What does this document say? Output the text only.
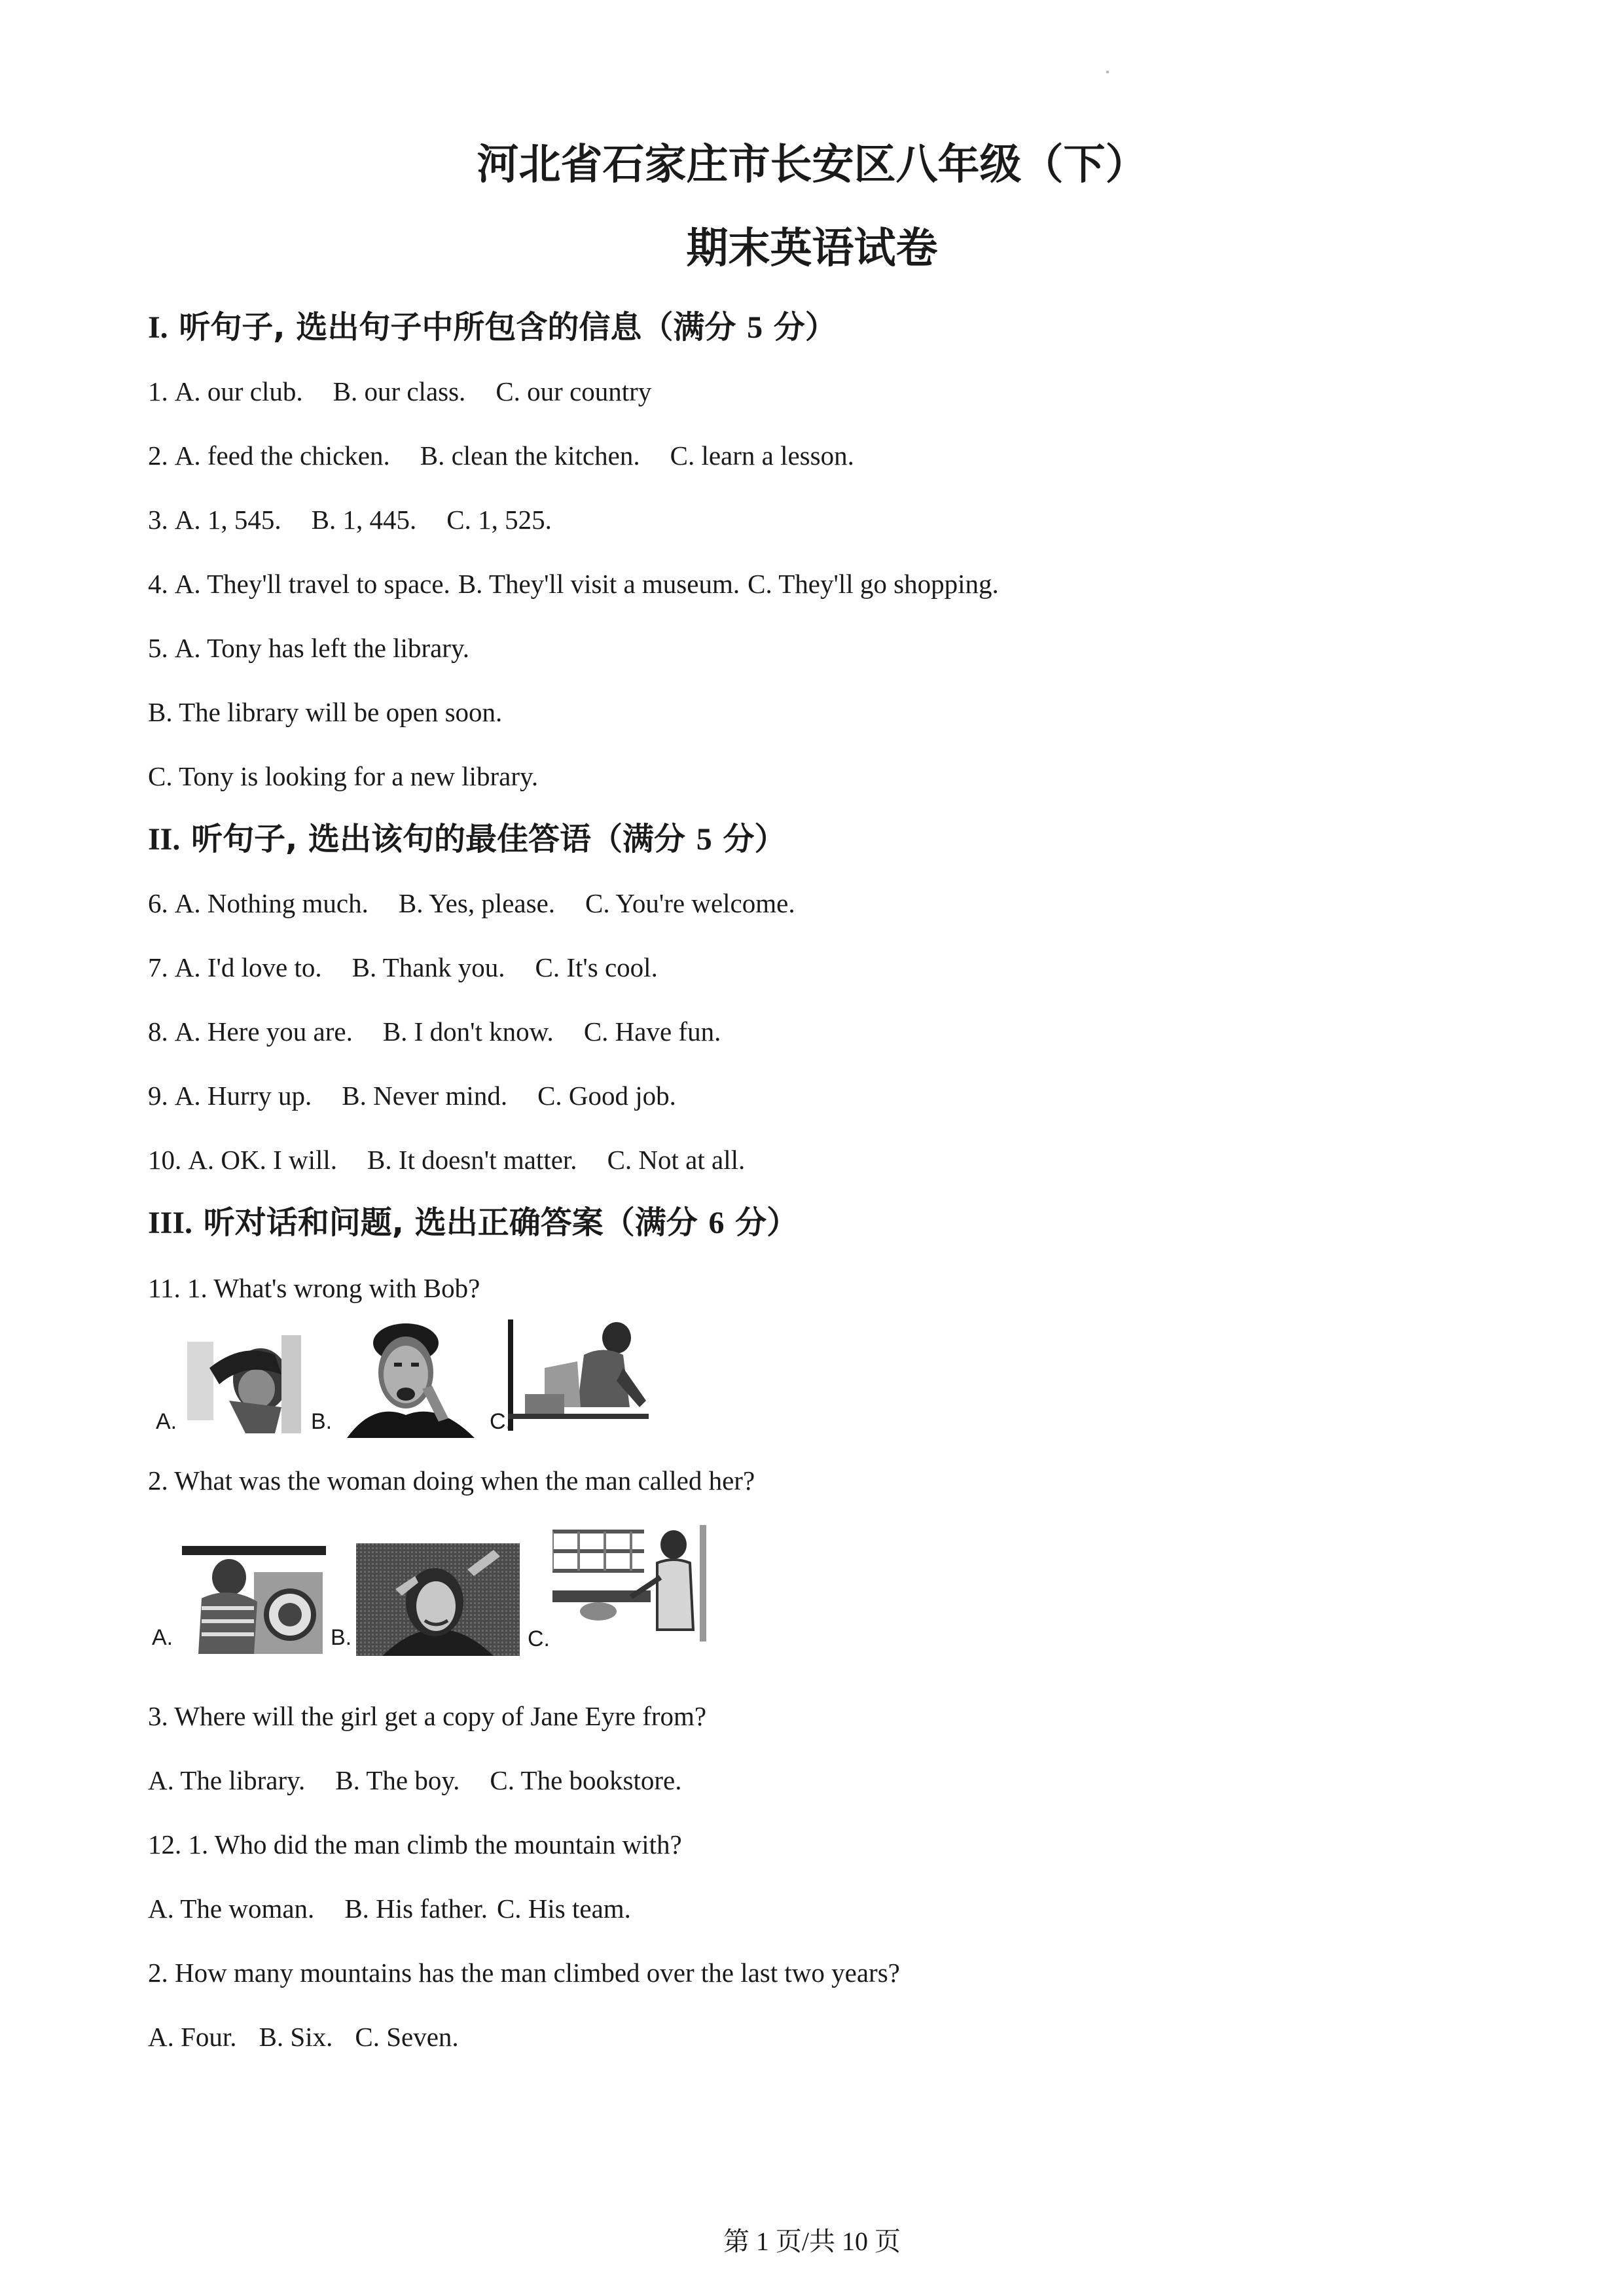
河北省石家庄市长安区八年级（下）
期末英语试卷
I. 听句子, 选出句子中所包含的信息（满分 5 分）
1. A. our club. B. our class. C. our country
2. A. feed the chicken. B. clean the kitchen. C. learn a lesson.
3. A. 1, 545. B. 1, 445. C. 1, 525.
4. A. They'll travel to space. B. They'll visit a museum. C. They'll go shopping.
5. A. Tony has left the library.
B. The library will be open soon.
C. Tony is looking for a new library.
II. 听句子, 选出该句的最佳答语（满分 5 分）
6. A. Nothing much. B. Yes, please. C. You're welcome.
7. A. I'd love to. B. Thank you. C. It's cool.
8. A. Here you are. B. I don't know. C. Have fun.
9. A. Hurry up. B. Never mind. C. Good job.
10. A. OK. I will. B. It doesn't matter. C. Not at all.
III. 听对话和问题, 选出正确答案（满分 6 分）
11. 1. What's wrong with Bob?
A.	B.	C.
2. What was the woman doing when the man called her?
A.	B.	C.
3. Where will the girl get a copy of Jane Eyre from?
A. The library. B. The boy. C. The bookstore.
12. 1. Who did the man climb the mountain with?
A. The woman. B. His father. C. His team.
2. How many mountains has the man climbed over the last two years?
A. Four. B. Six. C. Seven.
第 1 页/共 10 页
